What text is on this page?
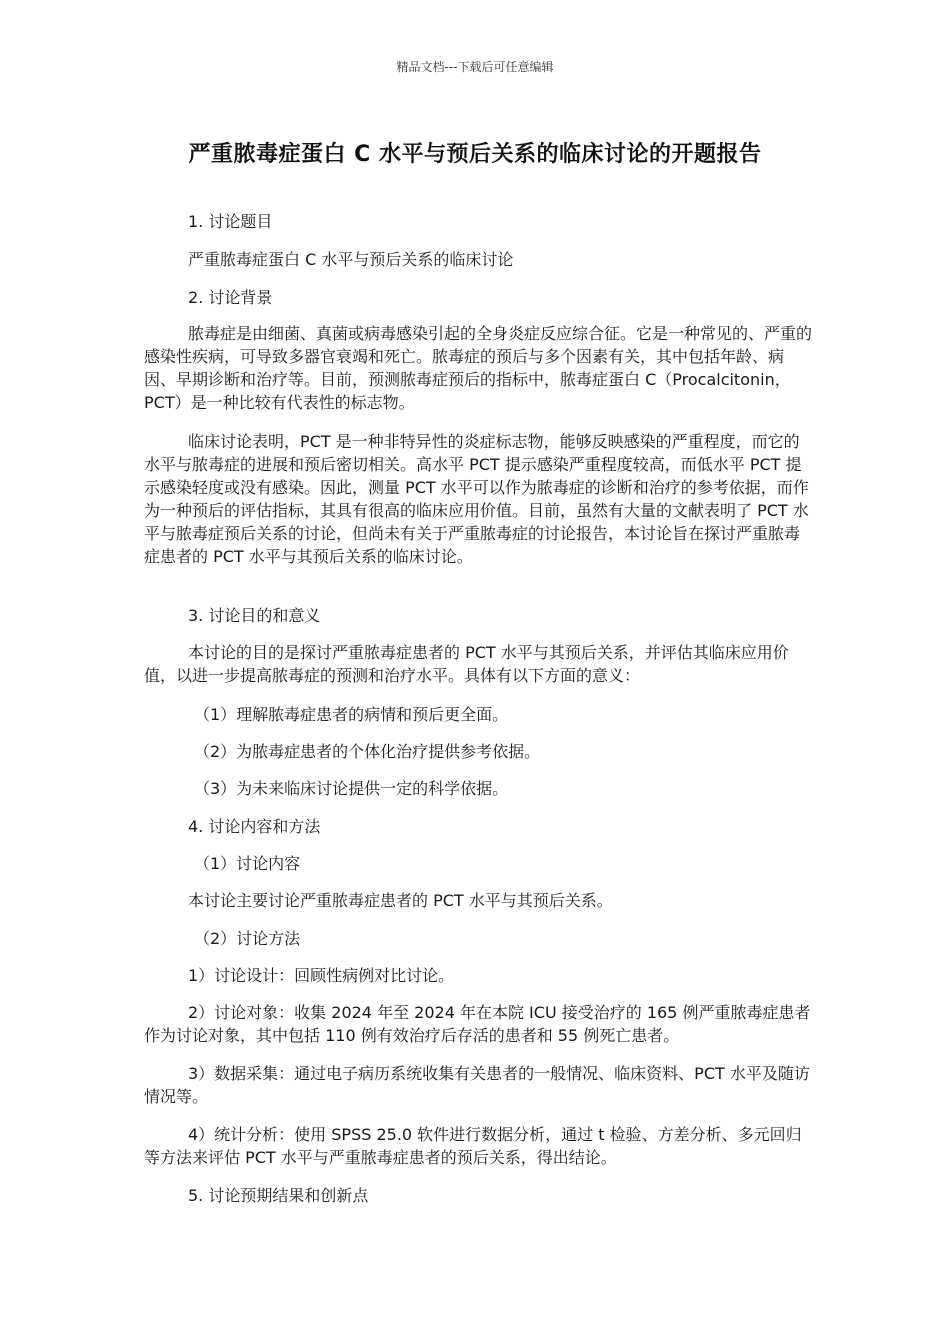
精品文档---下载后可任意编辑
严重脓毒症蛋白 C 水平与预后关系的临床讨论的开题报告

1. 讨论题目

严重脓毒症蛋白 C 水平与预后关系的临床讨论

2. 讨论背景

脓毒症是由细菌、真菌或病毒感染引起的全身炎症反应综合征。它是一种常见的、严重的感染性疾病，可导致多器官衰竭和死亡。脓毒症的预后与多个因素有关，其中包括年龄、病因、早期诊断和治疗等。目前，预测脓毒症预后的指标中，脓毒症蛋白 C（Procalcitonin，PCT）是一种比较有代表性的标志物。

临床讨论表明，PCT 是一种非特异性的炎症标志物，能够反映感染的严重程度，而它的水平与脓毒症的进展和预后密切相关。高水平 PCT 提示感染严重程度较高，而低水平 PCT 提示感染轻度或没有感染。因此，测量 PCT 水平可以作为脓毒症的诊断和治疗的参考依据，而作为一种预后的评估指标，其具有很高的临床应用价值。目前，虽然有大量的文献表明了 PCT 水平与脓毒症预后关系的讨论，但尚未有关于严重脓毒症的讨论报告，本讨论旨在探讨严重脓毒症患者的 PCT 水平与其预后关系的临床讨论。

3. 讨论目的和意义

本讨论的目的是探讨严重脓毒症患者的 PCT 水平与其预后关系，并评估其临床应用价值，以进一步提高脓毒症的预测和治疗水平。具体有以下方面的意义：

（1）理解脓毒症患者的病情和预后更全面。

（2）为脓毒症患者的个体化治疗提供参考依据。

（3）为未来临床讨论提供一定的科学依据。

4. 讨论内容和方法

（1）讨论内容

本讨论主要讨论严重脓毒症患者的 PCT 水平与其预后关系。

（2）讨论方法

1）讨论设计：回顾性病例对比讨论。

2）讨论对象：收集 2024 年至 2024 年在本院 ICU 接受治疗的 165 例严重脓毒症患者作为讨论对象，其中包括 110 例有效治疗后存活的患者和 55 例死亡患者。

3）数据采集：通过电子病历系统收集有关患者的一般情况、临床资料、PCT 水平及随访情况等。

4）统计分析：使用 SPSS 25.0 软件进行数据分析，通过 t 检验、方差分析、多元回归等方法来评估 PCT 水平与严重脓毒症患者的预后关系，得出结论。

5. 讨论预期结果和创新点
